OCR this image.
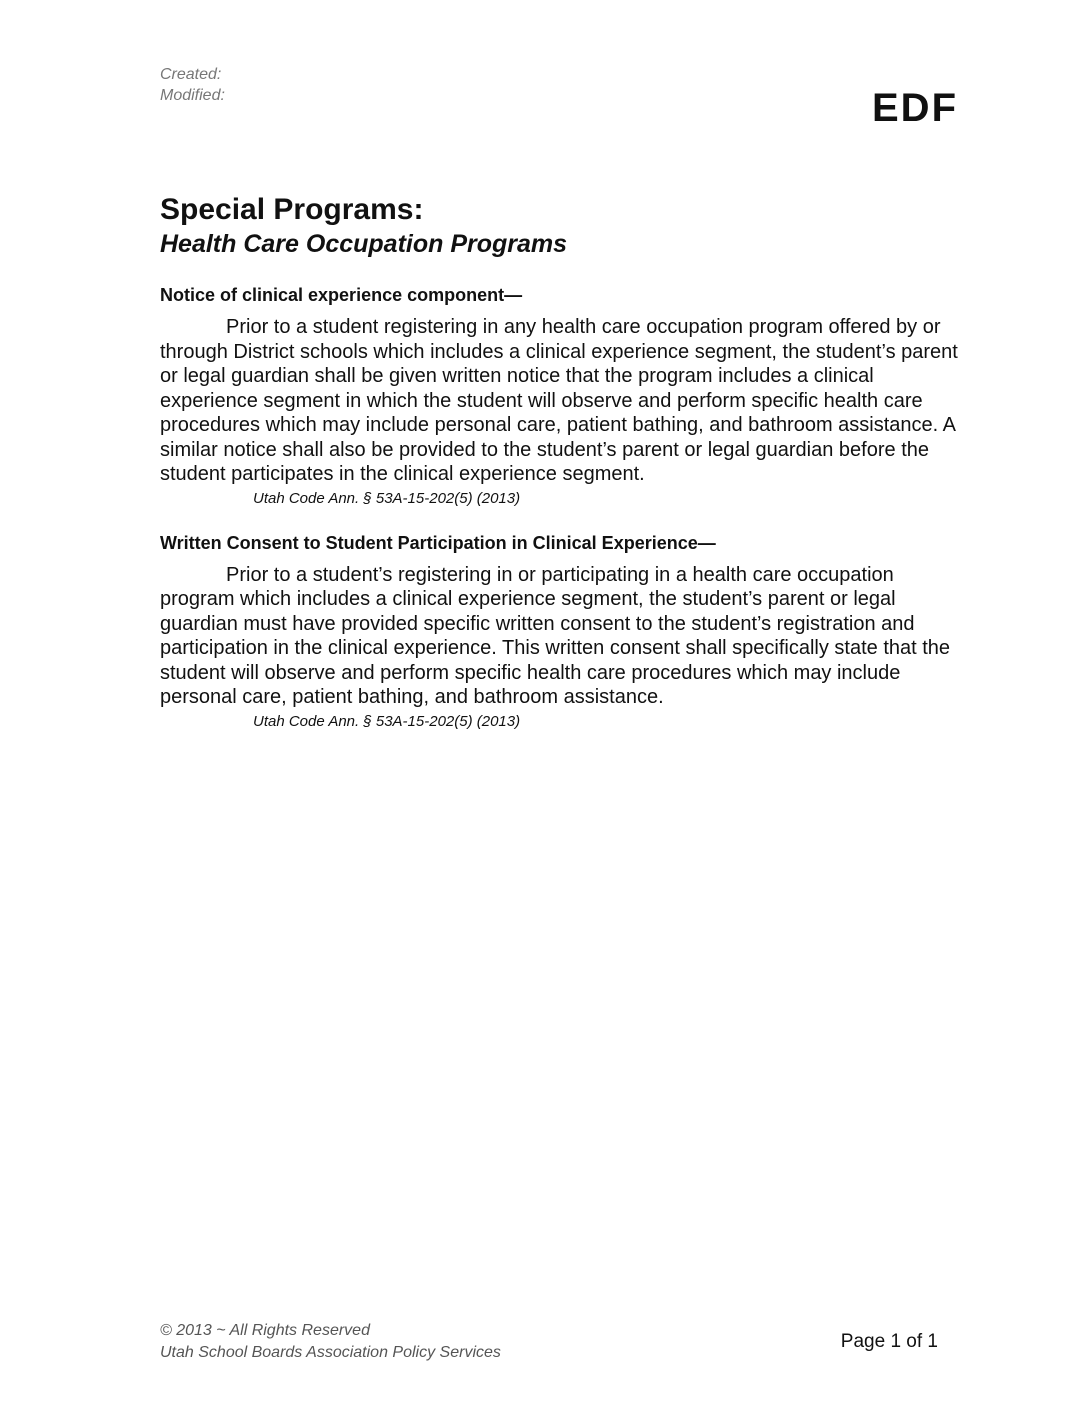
Created:
Modified:	EDF
Special Programs:
Health Care Occupation Programs
Notice of clinical experience component—

Prior to a student registering in any health care occupation program offered by or through District schools which includes a clinical experience segment, the student’s parent or legal guardian shall be given written notice that the program includes a clinical experience segment in which the student will observe and perform specific health care procedures which may include personal care, patient bathing, and bathroom assistance. A similar notice shall also be provided to the student’s parent or legal guardian before the student participates in the clinical experience segment.

Utah Code Ann. § 53A-15-202(5) (2013)
Written Consent to Student Participation in Clinical Experience—

Prior to a student’s registering in or participating in a health care occupation program which includes a clinical experience segment, the student’s parent or legal guardian must have provided specific written consent to the student’s registration and participation in the clinical experience. This written consent shall specifically state that the student will observe and perform specific health care procedures which may include personal care, patient bathing, and bathroom assistance.

Utah Code Ann. § 53A-15-202(5) (2013)
© 2013 ~ All Rights Reserved
Utah School Boards Association Policy Services
Page 1 of 1
